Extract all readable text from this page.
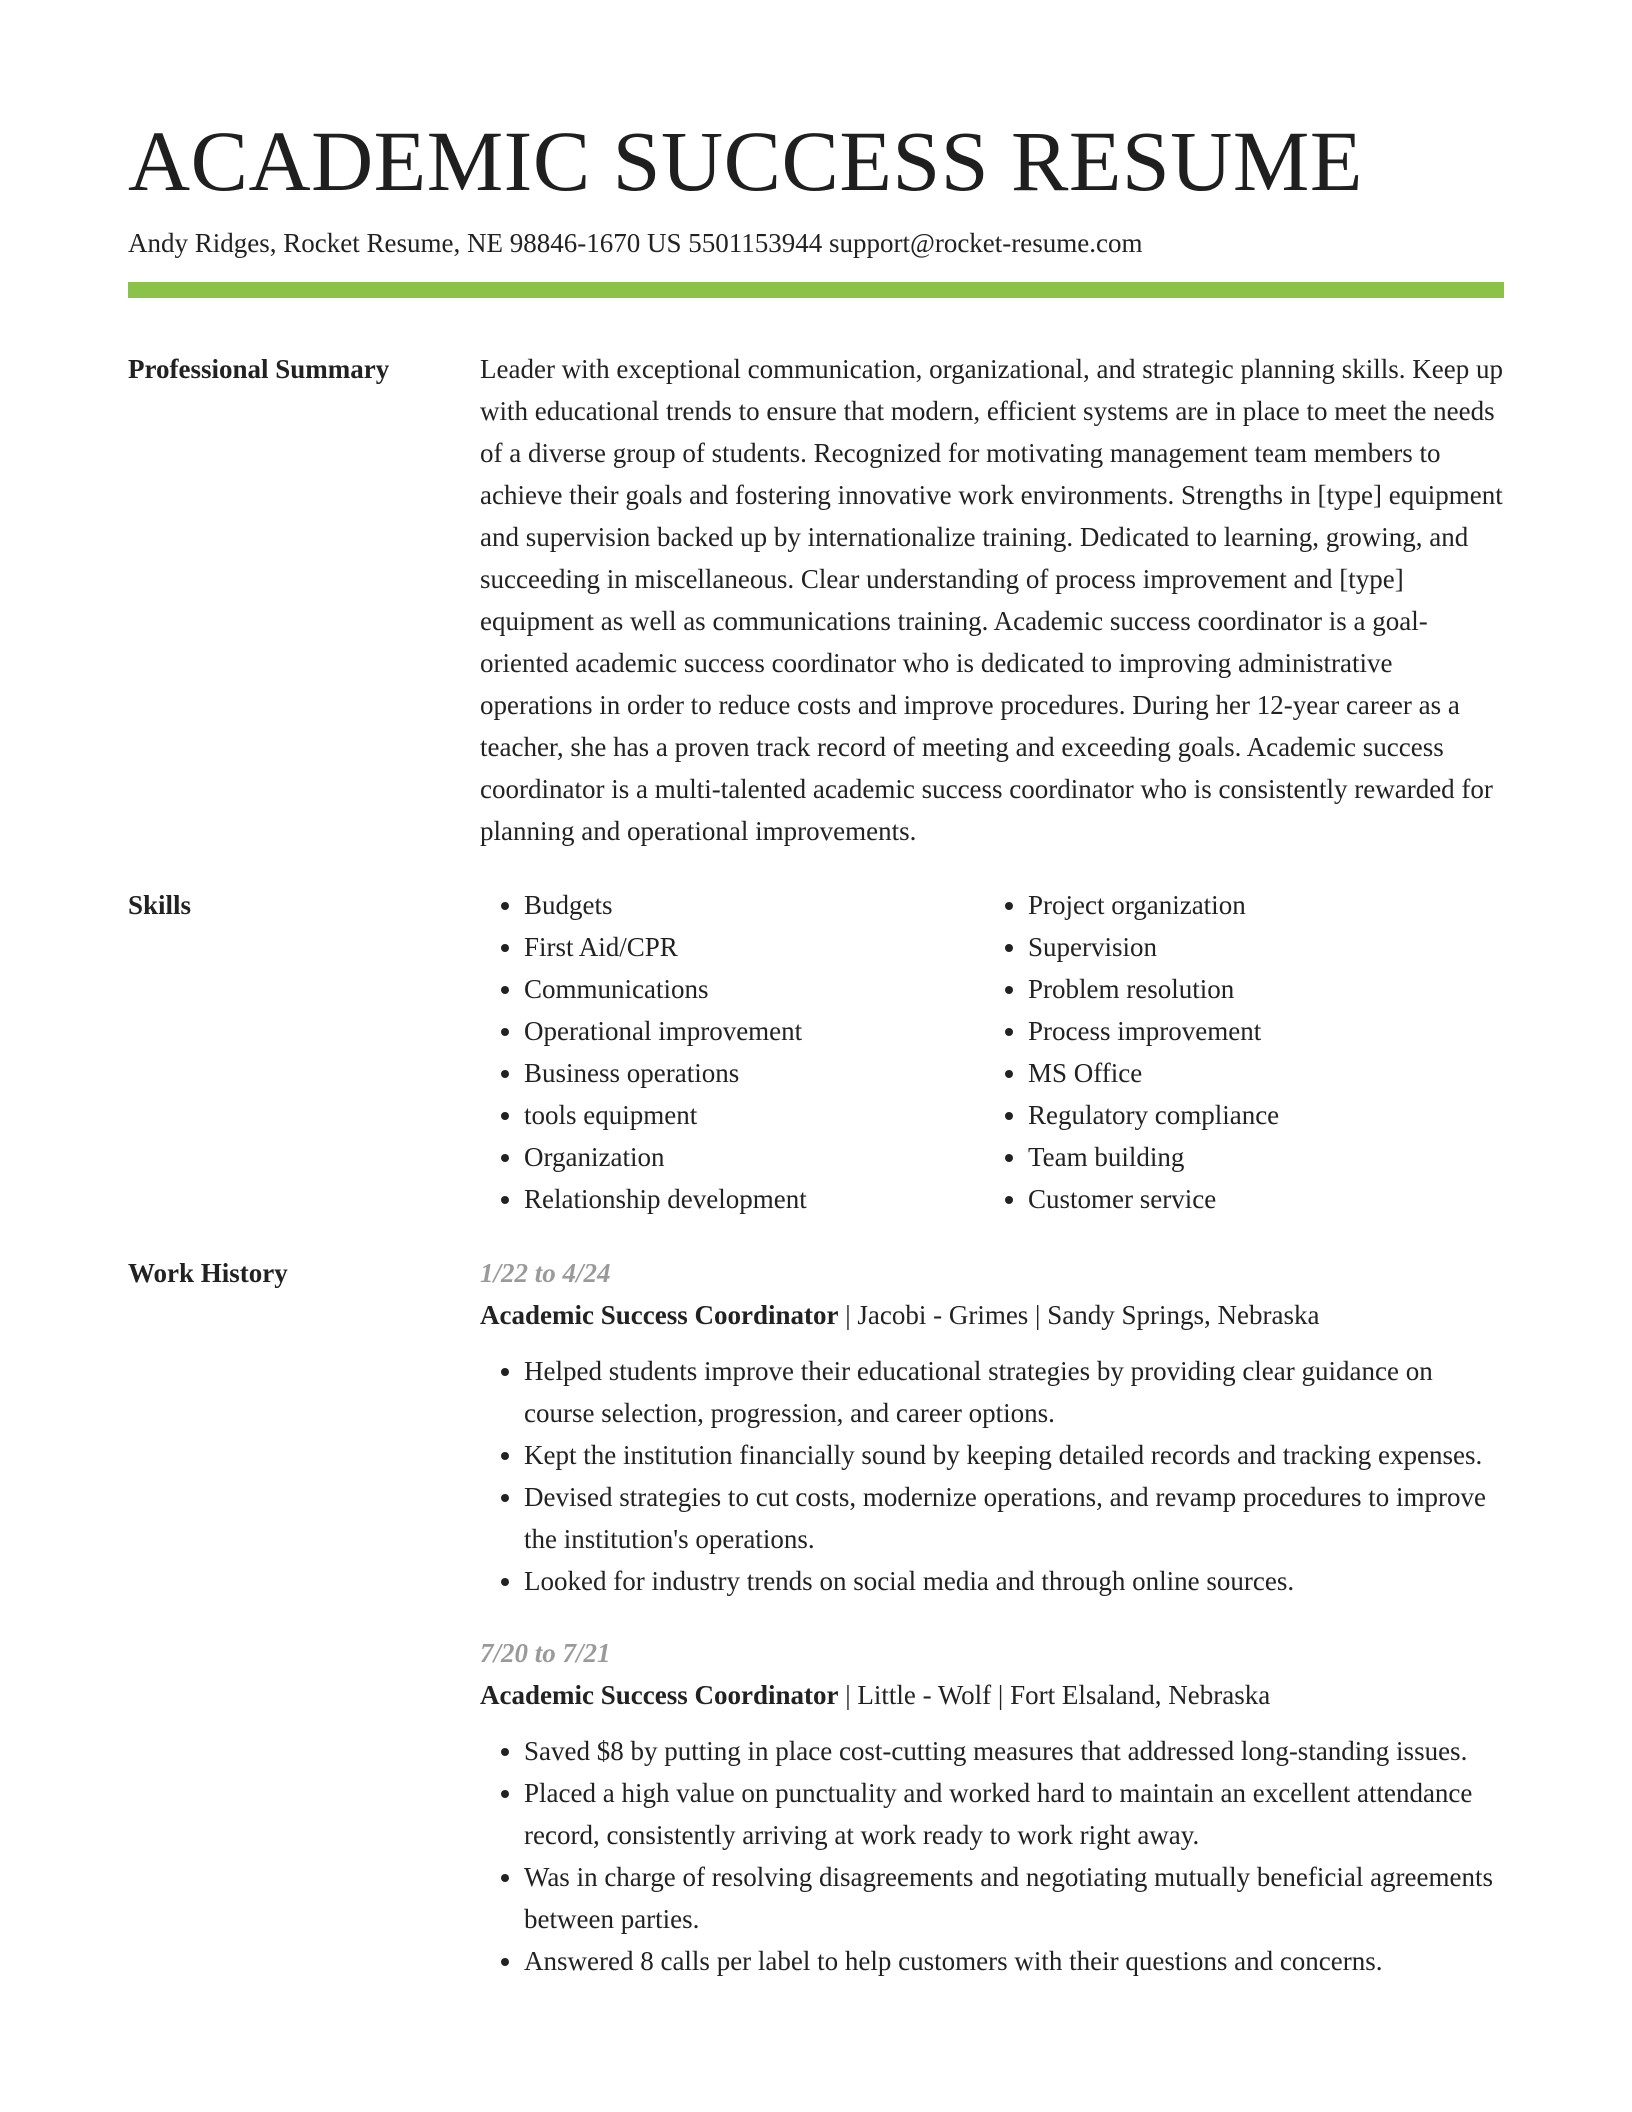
ACADEMIC SUCCESS RESUME
Andy Ridges, Rocket Resume, NE 98846-1670 US 5501153944 support@rocket-resume.com
Professional Summary	Leader with exceptional communication, organizational, and strategic planning skills. Keep up with educational trends to ensure that modern, efficient systems are in place to meet the needs of a diverse group of students. Recognized for motivating management team members to achieve their goals and fostering innovative work environments. Strengths in [type] equipment and supervision backed up by internationalize training. Dedicated to learning, growing, and succeeding in miscellaneous. Clear understanding of process improvement and [type] equipment as well as communications training. Academic success coordinator is a goal-oriented academic success coordinator who is dedicated to improving administrative operations in order to reduce costs and improve procedures. During her 12-year career as a teacher, she has a proven track record of meeting and exceeding goals. Academic success coordinator is a multi-talented academic success coordinator who is consistently rewarded for planning and operational improvements.

Skills
•	Budgets
• First Aid/CPR
• Communications
• Operational improvement
• Business operations
• tools equipment
• Organization
• Relationship development
• Project organization
• Supervision
• Problem resolution
• Process improvement
• MS Office
• Regulatory compliance
• Team building
• Customer service
Work History	1/22 to 4/24
Academic Success Coordinator | Jacobi - Grimes | Sandy Springs, Nebraska
• Helped students improve their educational strategies by providing clear guidance on course selection, progression, and career options.
• Kept the institution financially sound by keeping detailed records and tracking expenses.
• Devised strategies to cut costs, modernize operations, and revamp procedures to improve the institution's operations.
• Looked for industry trends on social media and through online sources.
7/20 to 7/21
Academic Success Coordinator | Little - Wolf | Fort Elsaland, Nebraska
• Saved $8 by putting in place cost-cutting measures that addressed long-standing issues.
• Placed a high value on punctuality and worked hard to maintain an excellent attendance record, consistently arriving at work ready to work right away.
• Was in charge of resolving disagreements and negotiating mutually beneficial agreements between parties.
• Answered 8 calls per label to help customers with their questions and concerns.
